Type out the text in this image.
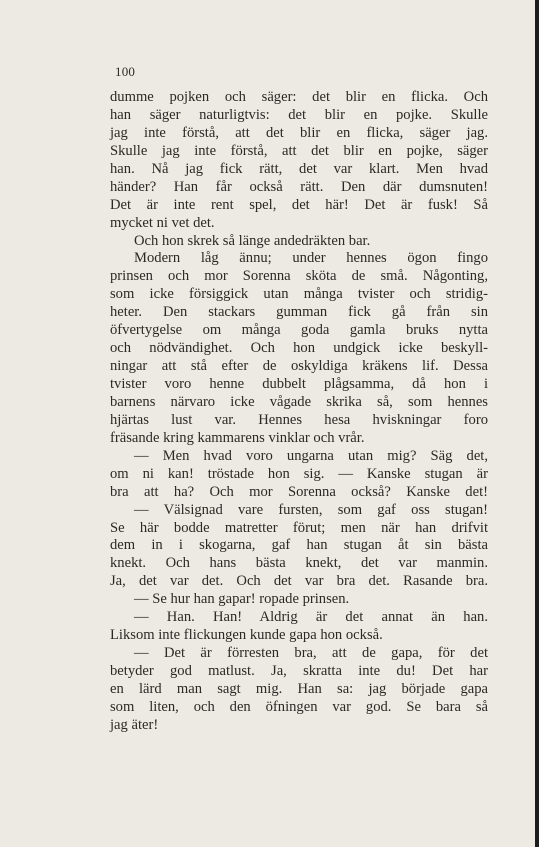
100
dumme pojken och säger: det blir en flicka. Och
han säger naturligtvis: det blir en pojke. Skulle
jag inte förstå, att det blir en flicka, säger jag.
Skulle jag inte förstå, att det blir en pojke, säger
han. Nå jag fick rätt, det var klart. Men hvad
händer? Han får också rätt. Den där dumsnuten!
Det är inte rent spel, det här! Det är fusk! Så
mycket ni vet det.
Och hon skrek så länge andedräkten bar.
Modern låg ännu; under hennes ögon fingo
prinsen och mor Sorenna sköta de små. Någonting,
som icke försiggick utan många tvister och stridig-
heter. Den stackars gumman fick gå från sin
öfvertygelse om många goda gamla bruks nytta
och nödvändighet. Och hon undgick icke beskyll-
ningar att stå efter de oskyldiga kräkens lif. Dessa
tvister voro henne dubbelt plågsamma, då hon i
barnens närvaro icke vågade skrika så, som hennes
hjärtas lust var. Hennes hesa hviskningar foro
fräsande kring kammarens vinklar och vrår.
— Men hvad voro ungarna utan mig? Säg det,
om ni kan! tröstade hon sig. — Kanske stugan är
bra att ha? Och mor Sorenna också? Kanske det!
— Välsignad vare fursten, som gaf oss stugan!
Se här bodde matretter förut; men när han drifvit
dem in i skogarna, gaf han stugan åt sin bästa
knekt. Och hans bästa knekt, det var manmin.
Ja, det var det. Och det var bra det. Rasande bra.
— Se hur han gapar! ropade prinsen.
— Han. Han! Aldrig är det annat än han.
Liksom inte flickungen kunde gapa hon också.
— Det är förresten bra, att de gapa, för det
betyder god matlust. Ja, skratta inte du! Det har
en lärd man sagt mig. Han sa: jag började gapa
som liten, och den öfningen var god. Se bara så
jag äter!
